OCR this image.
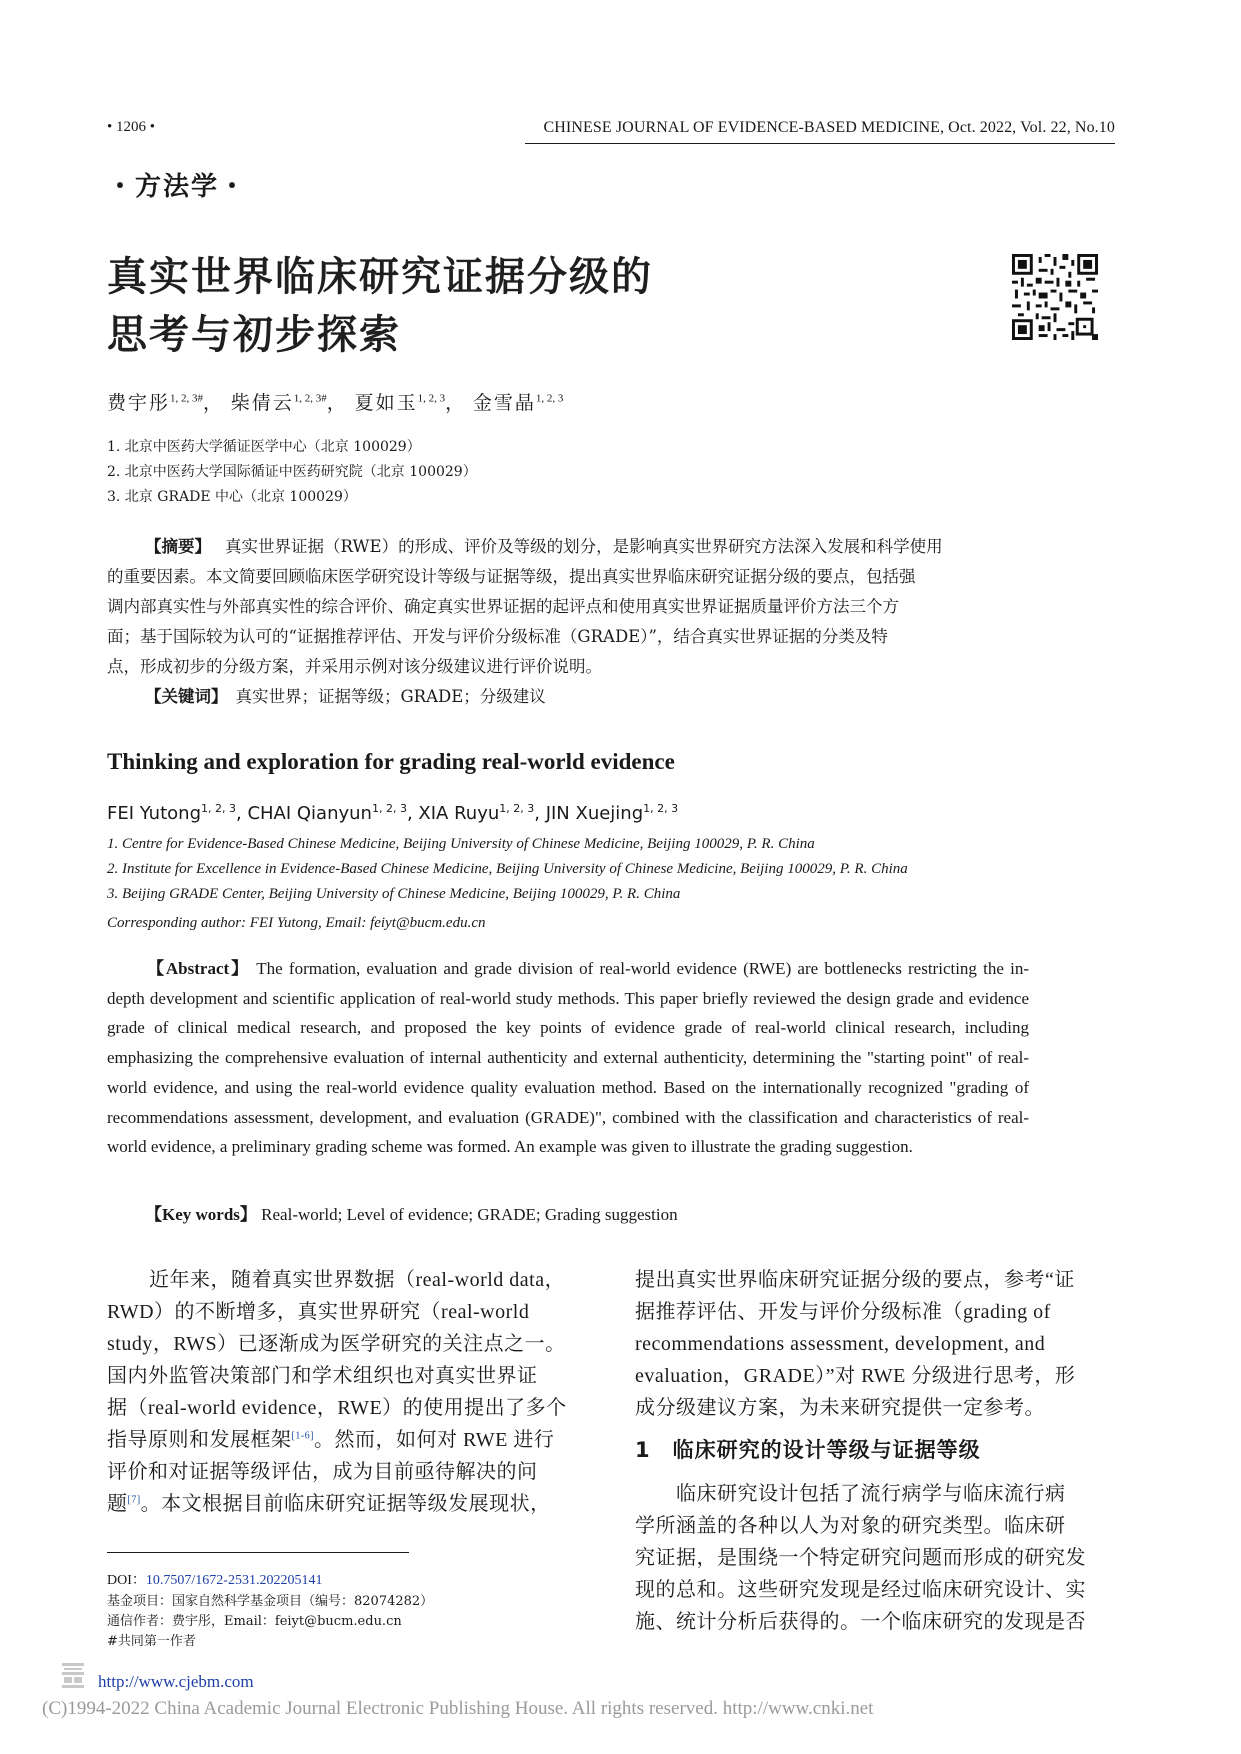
• 1206 •	CHINESE JOURNAL OF EVIDENCE-BASED MEDICINE, Oct. 2022, Vol. 22, No.10
・方法学・
真实世界临床研究证据分级的
思考与初步探索
费宇彤$^{1, 2, 3\#}$， 柴倩云$^{1, 2, 3\#}$， 夏如玉$^{1, 2, 3}$， 金雪晶$^{1, 2, 3}$
1. 北京中医药大学循证医学中心（北京 100029）
2. 北京中医药大学国际循证中医药研究院（北京 100029）
3. 北京 GRADE 中心（北京 100029）
【摘要】 真实世界证据（RWE）的形成、评价及等级的划分，是影响真实世界研究方法深入发展和科学使用
的重要因素。本文简要回顾临床医学研究设计等级与证据等级，提出真实世界临床研究证据分级的要点，包括强
调内部真实性与外部真实性的综合评价、确定真实世界证据的起评点和使用真实世界证据质量评价方法三个方
面；基于国际较为认可的“证据推荐评估、开发与评价分级标准（GRADE）”，结合真实世界证据的分类及特
点，形成初步的分级方案，并采用示例对该分级建议进行评价说明。
【关键词】 真实世界；证据等级；GRADE；分级建议
Thinking and exploration for grading real-world evidence
FEI Yutong$^{1, 2, 3}$, CHAI Qianyun$^{1, 2, 3}$, XIA Ruyu$^{1, 2, 3}$, JIN Xuejing$^{1, 2, 3}$
1. Centre for Evidence-Based Chinese Medicine, Beijing University of Chinese Medicine, Beijing 100029, P. R. China
2. Institute for Excellence in Evidence-Based Chinese Medicine, Beijing University of Chinese Medicine, Beijing 100029, P. R. China
3. Beijing GRADE Center, Beijing University of Chinese Medicine, Beijing 100029, P. R. China
Corresponding author: FEI Yutong, Email: feiyt@bucm.edu.cn
【Abstract】 The formation, evaluation and grade division of real-world evidence (RWE) are bottlenecks restricting the in-depth development and scientific application of real-world study methods. This paper briefly reviewed the design grade and evidence grade of clinical medical research, and proposed the key points of evidence grade of real-world clinical research, including emphasizing the comprehensive evaluation of internal authenticity and external authenticity, determining the "starting point" of real-world evidence, and using the real-world evidence quality evaluation method. Based on the internationally recognized "grading of recommendations assessment, development, and evaluation (GRADE)", combined with the classification and characteristics of real-world evidence, a preliminary grading scheme was formed. An example was given to illustrate the grading suggestion.
【Key words】 Real-world; Level of evidence; GRADE; Grading suggestion
近年来，随着真实世界数据（real-world data，
RWD）的不断增多，真实世界研究（real-world
study，RWS）已逐渐成为医学研究的关注点之一。
国内外监管决策部门和学术组织也对真实世界证
据（real-world evidence，RWE）的使用提出了多个
指导原则和发展框架[1-6]。然而，如何对 RWE 进行
评价和对证据等级评估，成为目前亟待解决的问
题[7]。本文根据目前临床研究证据等级发展现状，
提出真实世界临床研究证据分级的要点，参考“证
据推荐评估、开发与评价分级标准（grading of
recommendations assessment, development, and
evaluation，GRADE）”对 RWE 分级进行思考，形
成分级建议方案，为未来研究提供一定参考。
1　临床研究的设计等级与证据等级
　　临床研究设计包括了流行病学与临床流行病
学所涵盖的各种以人为对象的研究类型。临床研
究证据，是围绕一个特定研究问题而形成的研究发
现的总和。这些研究发现是经过临床研究设计、实
施、统计分析后获得的。一个临床研究的发现是否
DOI：10.7507/1672-2531.202205141
基金项目：国家自然科学基金项目（编号：82074282）
通信作者：费宇彤，Email：feiyt@bucm.edu.cn
#共同第一作者
http://www.cjebm.com
(C)1994-2022 China Academic Journal Electronic Publishing House. All rights reserved. http://www.cnki.net
